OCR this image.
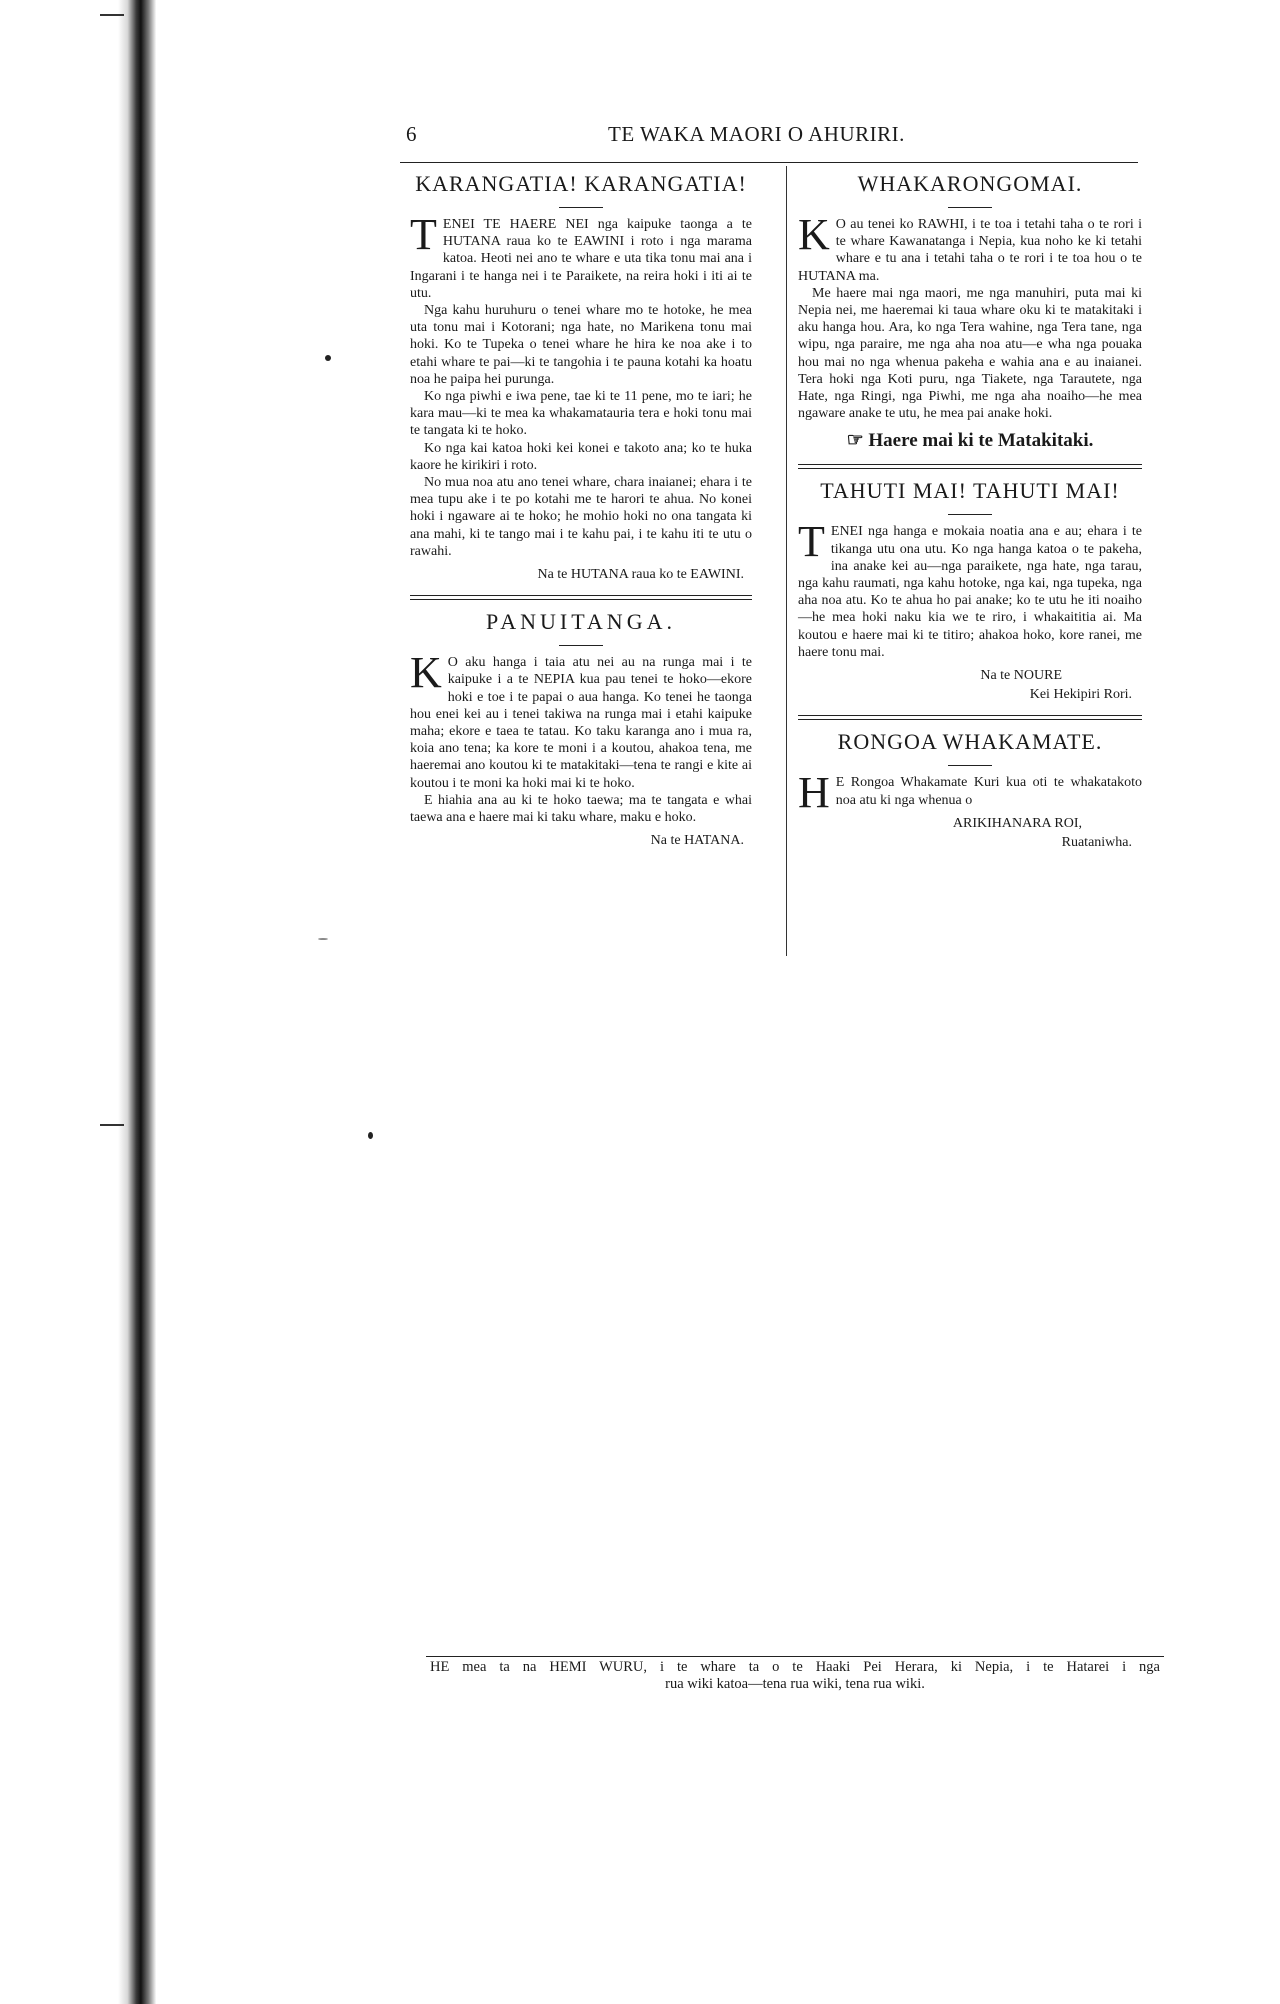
6	TE WAKA MAORI O AHURIRI.
KARANGATIA! KARANGATIA!

TENEI TE HAERE NEI nga kaipuke taonga a te HUTANA raua ko te EAWINI i roto i nga marama katoa. Heoti nei ano te whare e uta tika tonu mai ana i Ingarani i te hanga nei i te Paraikete, na reira hoki i iti ai te utu.

Nga kahu huruhuru o tenei whare mo te hotoke, he mea uta tonu mai i Kotorani; nga hate, no Marikena tonu mai hoki. Ko te Tupeka o tenei whare he hira ke noa ake i to etahi whare te pai—ki te tangohia i te pauna kotahi ka hoatu noa he paipa hei purunga.

Ko nga piwhi e iwa pene, tae ki te 11 pene, mo te iari; he kara mau—ki te mea ka whakamatauria tera e hoki tonu mai te tangata ki te hoko.

Ko nga kai katoa hoki kei konei e takoto ana; ko te huka kaore he kirikiri i roto.

No mua noa atu ano tenei whare, chara inaianei; ehara i te mea tupu ake i te po kotahi me te harori te ahua. No konei hoki i ngaware ai te hoko; he mohio hoki no ona tangata ki ana mahi, ki te tango mai i te kahu pai, i te kahu iti te utu o rawahi.

Na te HUTANA raua ko te EAWINI.
PANUITANGA.

K O aku hanga i taia atu nei au na runga mai i te kaipuke i a te NEPIA kua pau tenei te hoko—ekore hoki e toe i te papai o aua hanga. Ko tenei he taonga hou enei kei au i tenei takiwa na runga mai i etahi kaipuke maha; ekore e taea te tatau. Ko taku karanga ano i mua ra, koia ano tena; ka kore te moni i a koutou, ahakoa tena, me haeremai ano koutou ki te matakitaki—tena te rangi e kite ai koutou i te moni ka hoki mai ki te hoko.

E hiahia ana au ki te hoko taewa; ma te tangata e whai taewa ana e haere mai ki taku whare, maku e hoko.

Na te HATANA.
WHAKARONGOMAI.

K O au tenei ko RAWHI, i te toa i tetahi taha o te rori i te whare Kawanatanga i Nepia, kua noho ke ki tetahi whare e tu ana i tetahi taha o te rori i te toa hou o te HUTANA ma.

Me haere mai nga maori, me nga manuhiri, puta mai ki Nepia nei, me haeremai ki taua whare oku ki te matakitaki i aku hanga hou. Ara, ko nga Tera wahine, nga Tera tane, nga wipu, nga paraire, me nga aha noa atu—e wha nga pouaka hou mai no nga whenua pakeha e wahia ana e au inaianei. Tera hoki nga Koti puru, nga Tiakete, nga Tarautete, nga Hate, nga Ringi, nga Piwhi, me nga aha noaiho—he mea ngaware anake te utu, he mea pai anake hoki.

☞ Haere mai ki te Matakitaki.
TAHUTI MAI! TAHUTI MAI!

TENEI nga hanga e mokaia noatia ana e au; ehara i te tikanga utu ona utu. Ko nga hanga katoa o te pakeha, ina anake kei au—nga paraikete, nga hate, nga tarau, nga kahu raumati, nga kahu hotoke, nga kai, nga tupeka, nga aha noa atu. Ko te ahua ho pai anake; ko te utu he iti noaiho—he mea hoki naku kia we te riro, i whakaititia ai. Ma koutou e haere mai ki te titiro; ahakoa hoko, kore ranei, me haere tonu mai.

Na te NOURE
Kei Hekipiri Rori.
RONGOA WHAKAMATE.

H E Rongoa Whakamate Kuri kua oti te whakatakoto noa atu ki nga whenua o

ARIKIHANARA ROI,
Ruataniwha.
HE mea ta na HEMI WURU, i te whare ta o te Haaki Pei Herara, ki Nepia, i te Hatarei i nga
rua wiki katoa—tena rua wiki, tena rua wiki.
